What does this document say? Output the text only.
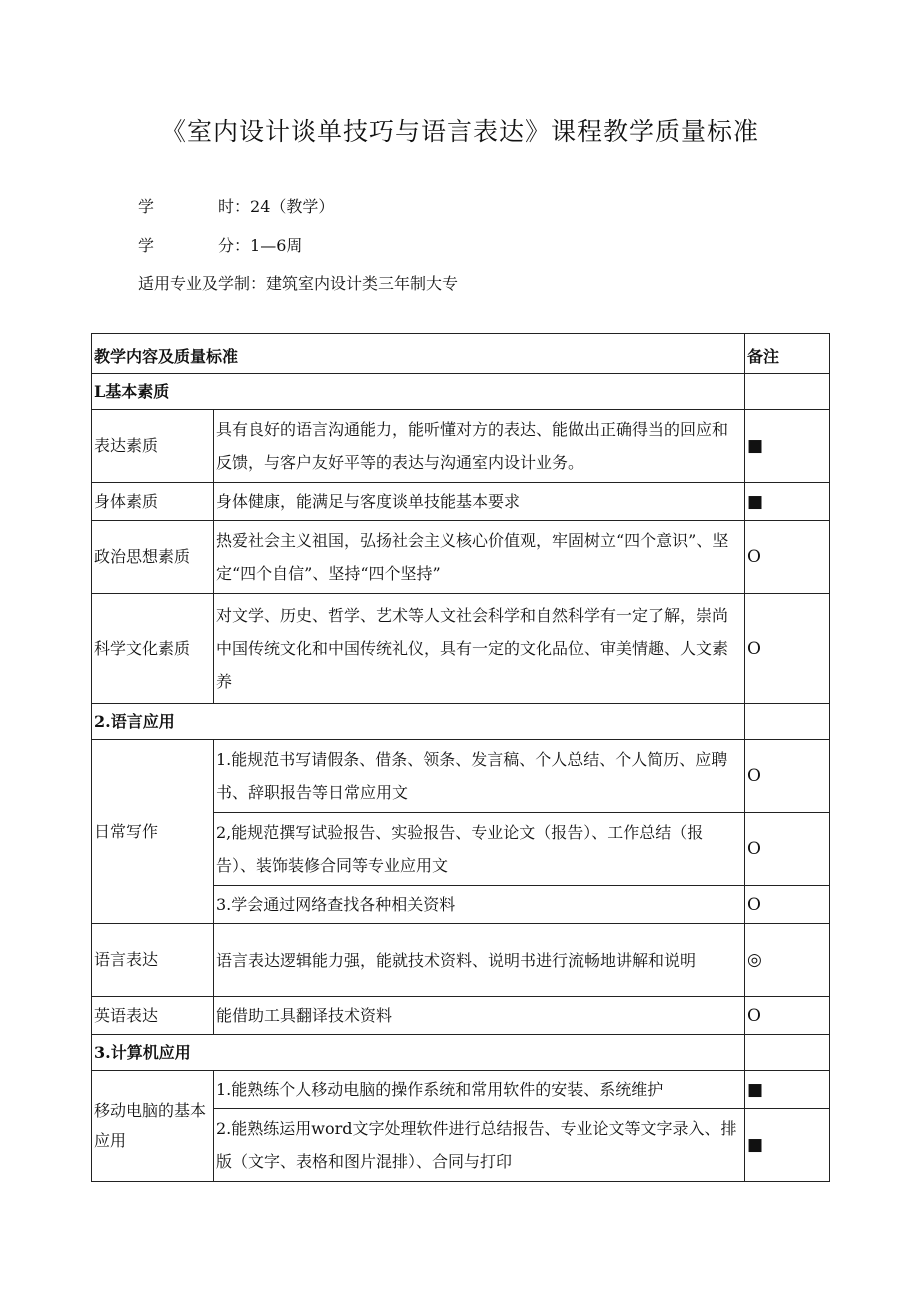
《室内设计谈单技巧与语言表达》课程教学质量标准
学　　　　时：24（教学）
学　　　　分：1—6周
适用专业及学制：建筑室内设计类三年制大专
教学内容及质量标准		备注
L基本素质		
表达素质	具有良好的语言沟通能力，能听懂对方的表达、能做出正确得当的回应和反馈，与客户友好平等的表达与沟通室内设计业务。	■
身体素质	身体健康，能满足与客度谈单技能基本要求	■
政治思想素质	热爱社会主义祖国，弘扬社会主义核心价值观，牢固树立“四个意识”、坚定“四个自信”、坚持“四个坚持”	O
科学文化素质	对文学、历史、哲学、艺术等人文社会科学和自然科学有一定了解，崇尚中国传统文化和中国传统礼仪，具有一定的文化品位、审美情趣、人文素养	O
2.语言应用		
日常写作	1.能规范书写请假条、借条、领条、发言稿、个人总结、个人简历、应聘书、辞职报告等日常应用文	O
	2,能规范撰写试验报告、实验报告、专业论文（报告）、工作总结（报告）、装饰装修合同等专业应用文	O
	3.学会通过网络查找各种相关资料	O
语言表达	语言表达逻辑能力强，能就技术资料、说明书进行流畅地讲解和说明	◎
英语表达	能借助工具翻译技术资料	O
3.计算机应用		
移动电脑的基本应用	1.能熟练个人移动电脑的操作系统和常用软件的安装、系统维护	■
	2.能熟练运用word文字处理软件进行总结报告、专业论文等文字录入、排版（文字、表格和图片混排）、合同与打印	■
